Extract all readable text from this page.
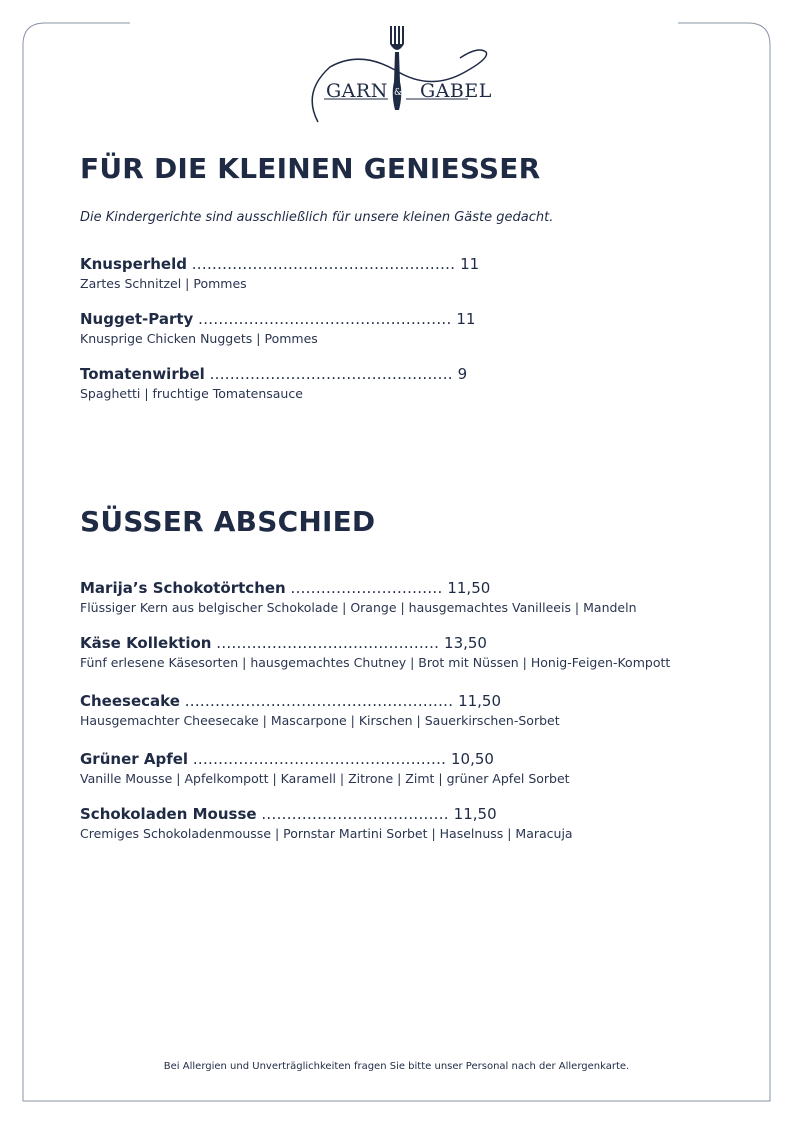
GARN & GABEL
FÜR DIE KLEINEN GENIESSER

Die Kindergerichte sind ausschließlich für unsere kleinen Gäste gedacht.

Knusperheld .................................................... 11
Zartes Schnitzel | Pommes
Nugget-Party .................................................. 11
Knusprige Chicken Nuggets | Pommes
Tomatenwirbel ................................................ 9
Spaghetti | fruchtige Tomatensauce
SÜSSER ABSCHIED
Marija’s Schokotörtchen .............................. 11,50
Flüssiger Kern aus belgischer Schokolade | Orange | hausgemachtes Vanilleeis | Mandeln
Käse Kollektion ............................................ 13,50
Fünf erlesene Käsesorten | hausgemachtes Chutney | Brot mit Nüssen | Honig-Feigen-Kompott
Cheesecake ..................................................... 11,50
Hausgemachter Cheesecake | Mascarpone | Kirschen | Sauerkirschen-Sorbet
Grüner Apfel .................................................. 10,50
Vanille Mousse | Apfelkompott | Karamell | Zitrone | Zimt | grüner Apfel Sorbet
Schokoladen Mousse ..................................... 11,50
Cremiges Schokoladenmousse | Pornstar Martini Sorbet | Haselnuss | Maracuja
Bei Allergien und Unverträglichkeiten fragen Sie bitte unser Personal nach der Allergenkarte.
